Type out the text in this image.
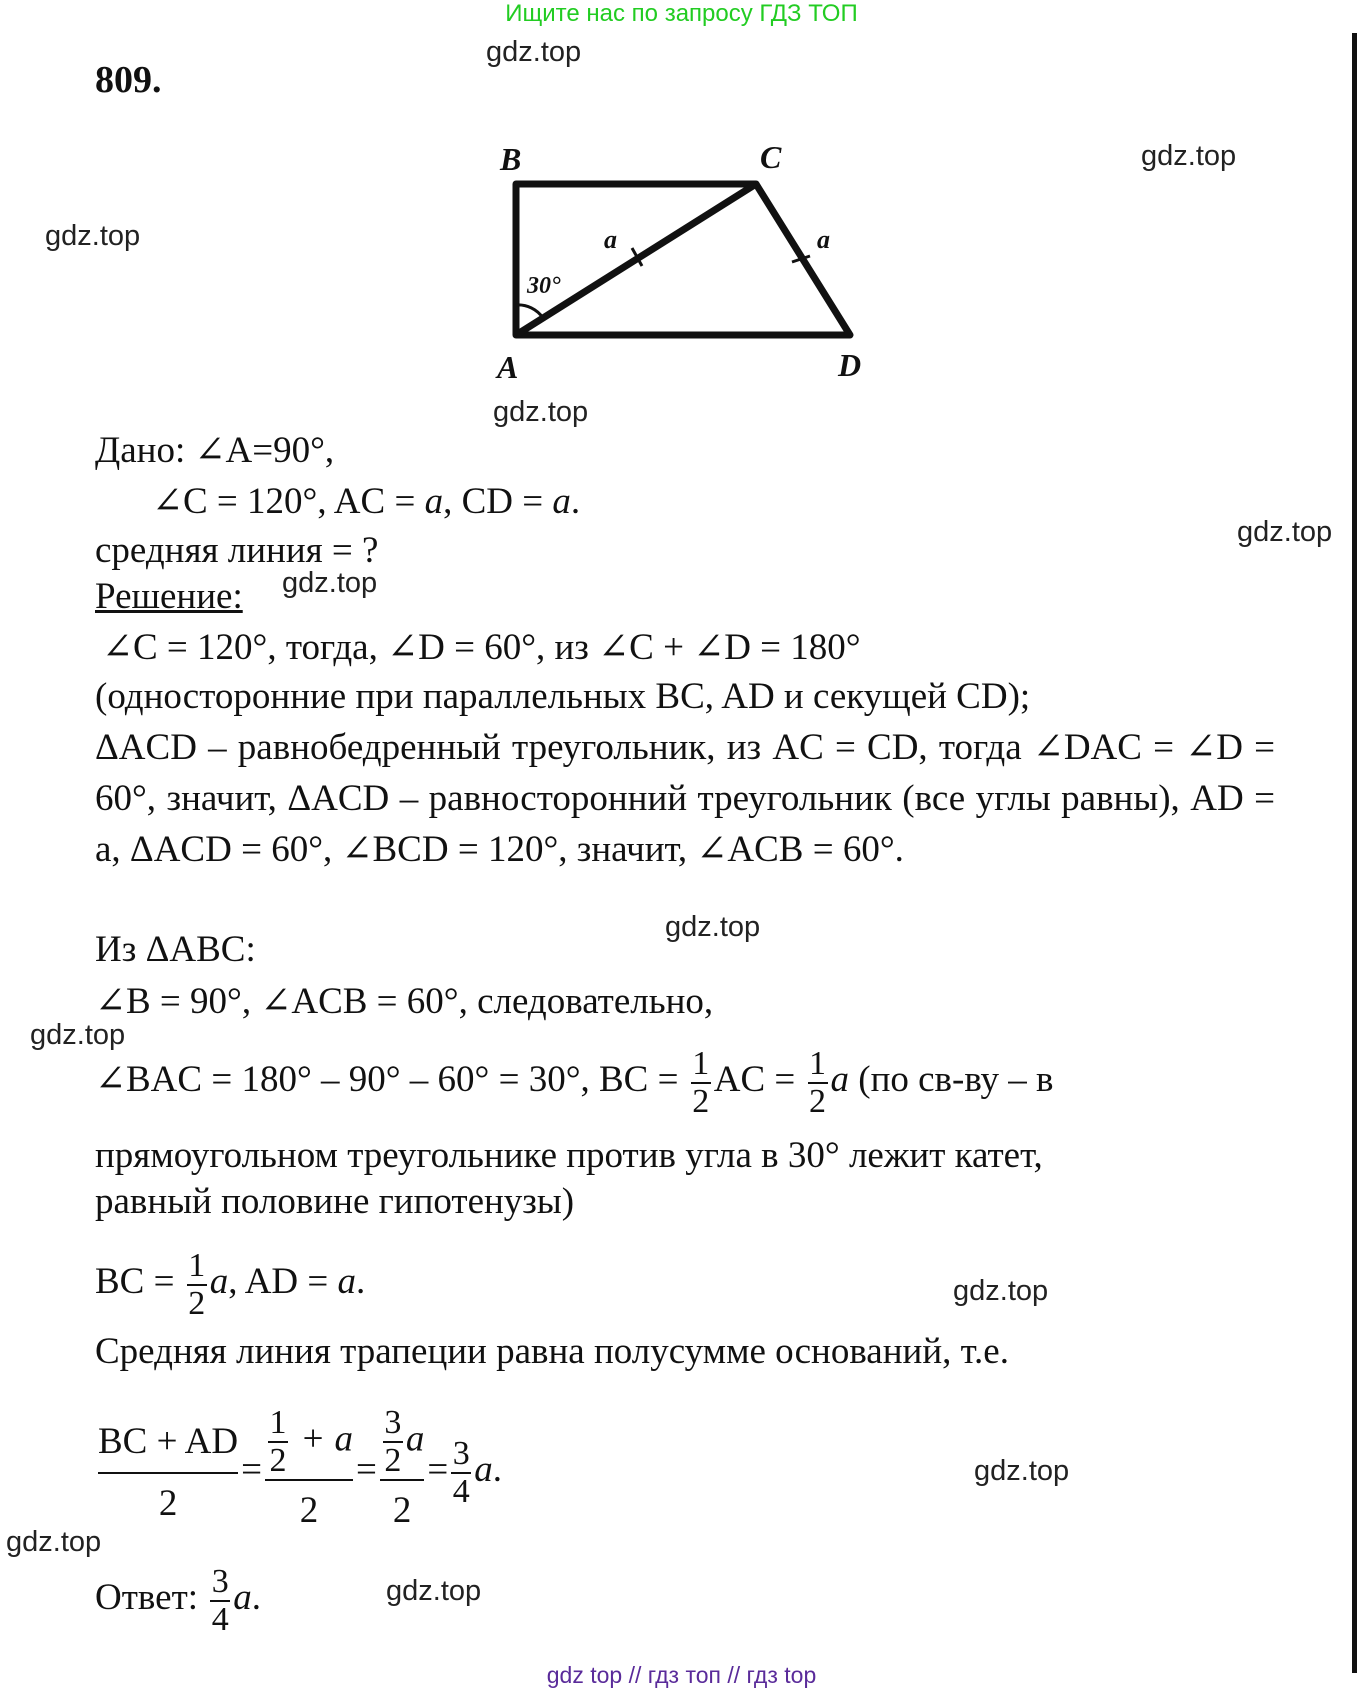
Ищите нас по запросу ГДЗ ТОП
809.
gdz.top
gdz.top
gdz.top
gdz.top
gdz.top
gdz.top
gdz.top
gdz.top
gdz.top
gdz.top
gdz.top
gdz.top
B	C
A	D
a	a
30°
Дано: ∠A=90°,
∠C = 120°, AC = a, CD = a.
средняя линия = ?
Решение:
∠C = 120°, тогда, ∠D = 60°, из ∠C + ∠D = 180°
(односторонние при параллельных BC, AD и секущей CD);
ΔACD – равнобедренный треугольник, из AC = CD, тогда ∠DAC = ∠D = 60°, значит, ΔACD – равносторонний треугольник (все углы равны), AD = a, ΔACD = 60°, ∠BCD = 120°, значит, ∠ACB = 60°.
Из ΔABC:
∠B = 90°, ∠ACB = 60°, следовательно,
∠BAC = 180° – 90° – 60° = 30°, BC = $\frac{1}{2}$ AC = $\frac{1}{2}$ a (по св-ву – в
прямоугольном треугольнике против угла в 30° лежит катет,
равный половине гипотенузы)
BC = $\frac{1}{2} a$, AD = a.
Средняя линия трапеции равна полусумме оснований, т.е.
$\frac{BC + AD}{2} = \frac{\frac{1}{2} + a}{2} = \frac{\frac{3}{2} a}{2} = \frac{3}{4} a$.
Ответ: $\frac{3}{4} a$.
gdz top // гдз топ // гдз top
